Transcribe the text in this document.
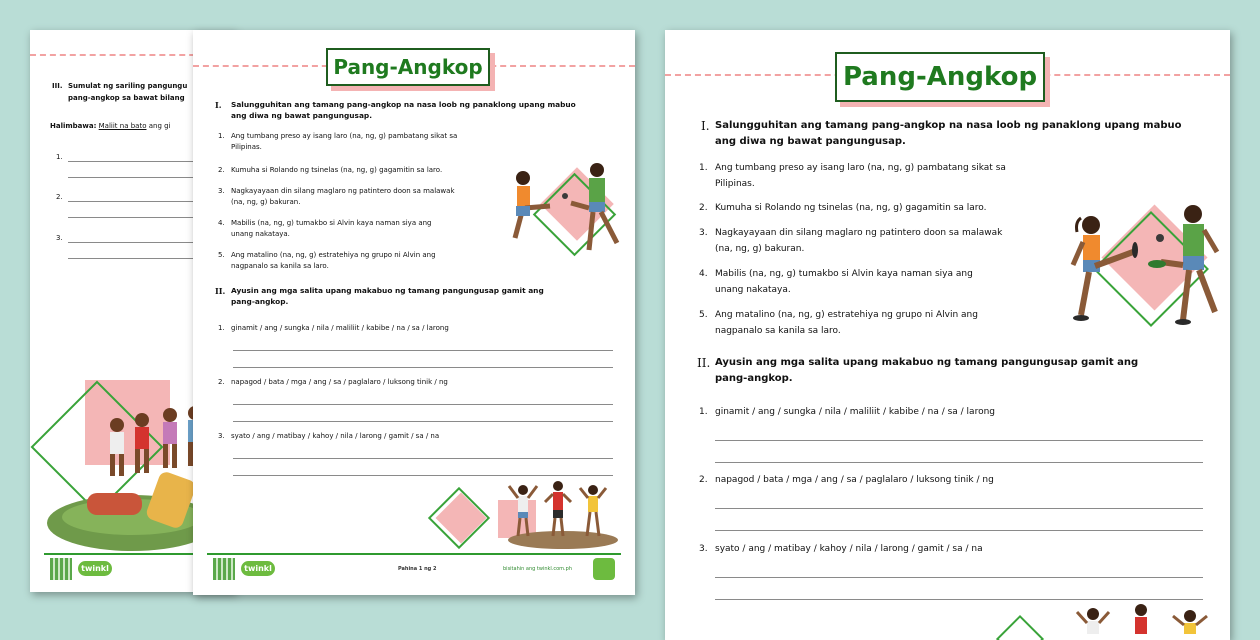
III. Sumulat ng sariling pangungu
pang-angkop sa bawat bilang
Halimbawa: Maliit na bato ang gi
1.
2.
3.
twinkl
Pang-Angkop
I. Salungguhitan ang tamang pang-angkop na nasa loob ng panaklong upang mabuo
ang diwa ng bawat pangungusap.
1. Ang tumbang preso ay isang laro (na, ng, g) pambatang sikat sa
Pilipinas.
2. Kumuha si Rolando ng tsinelas (na, ng, g) gagamitin sa laro.
3. Nagkayayaan din silang maglaro ng patintero doon sa malawak
(na, ng, g) bakuran.
4. Mabilis (na, ng, g) tumakbo si Alvin kaya naman siya ang
unang nakataya.
5. Ang matalino (na, ng, g) estratehiya ng grupo ni Alvin ang
nagpanalo sa kanila sa laro.
II. Ayusin ang mga salita upang makabuo ng tamang pangungusap gamit ang
pang-angkop.
1. ginamit / ang / sungka / nila / maliliit / kabibe / na / sa / larong
2. napagod / bata / mga / ang / sa / paglalaro / luksong tinik / ng
3. syato / ang / matibay / kahoy / nila / larong / gamit / sa / na
twinkl	Pahina 1 ng 2	bisitahin ang twinkl.com.ph
Pang-Angkop
I. Salungguhitan ang tamang pang-angkop na nasa loob ng panaklong upang mabuo
ang diwa ng bawat pangungusap.
1. Ang tumbang preso ay isang laro (na, ng, g) pambatang sikat sa
Pilipinas.
2. Kumuha si Rolando ng tsinelas (na, ng, g) gagamitin sa laro.
3. Nagkayayaan din silang maglaro ng patintero doon sa malawak
(na, ng, g) bakuran.
4. Mabilis (na, ng, g) tumakbo si Alvin kaya naman siya ang
unang nakataya.
5. Ang matalino (na, ng, g) estratehiya ng grupo ni Alvin ang
nagpanalo sa kanila sa laro.
II. Ayusin ang mga salita upang makabuo ng tamang pangungusap gamit ang
pang-angkop.
1. ginamit / ang / sungka / nila / maliliit / kabibe / na / sa / larong
2. napagod / bata / mga / ang / sa / paglalaro / luksong tinik / ng
3. syato / ang / matibay / kahoy / nila / larong / gamit / sa / na
